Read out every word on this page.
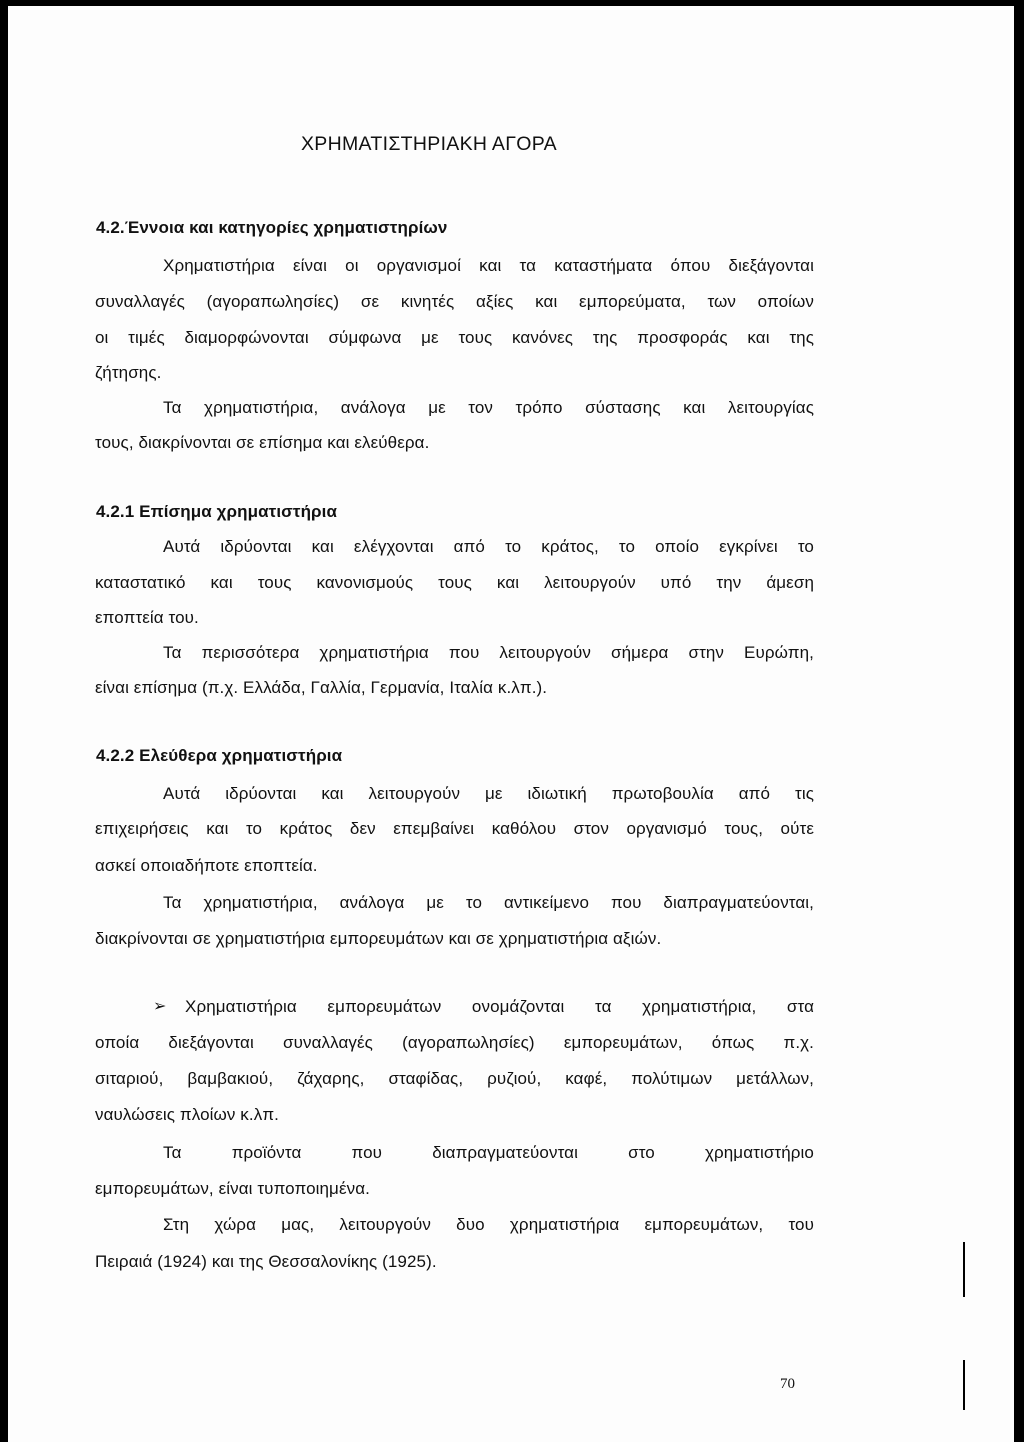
ΧΡΗΜΑΤΙΣΤΗΡΙΑΚΗ ΑΓΟΡΑ
4.2.Έννοια και κατηγορίες χρηματιστηρίων
Χρηματιστήρια είναι οι οργανισμοί και τα καταστήματα όπου διεξάγονται
συναλλαγές (αγοραπωλησίες) σε κινητές αξίες και εμπορεύματα, των οποίων
οι τιμές διαμορφώνονται σύμφωνα με τους κανόνες της προσφοράς και της
ζήτησης.
Τα χρηματιστήρια, ανάλογα με τον τρόπο σύστασης και λειτουργίας
τους, διακρίνονται σε επίσημα και ελεύθερα.
4.2.1 Επίσημα χρηματιστήρια
Αυτά ιδρύονται και ελέγχονται από το κράτος, το οποίο εγκρίνει το
καταστατικό και τους κανονισμούς τους και λειτουργούν υπό την άμεση
εποπτεία του.
Τα περισσότερα χρηματιστήρια που λειτουργούν σήμερα στην Ευρώπη,
είναι επίσημα (π.χ. Ελλάδα, Γαλλία, Γερμανία, Ιταλία κ.λπ.).
4.2.2 Ελεύθερα χρηματιστήρια
Αυτά ιδρύονται και λειτουργούν με ιδιωτική πρωτοβουλία από τις
επιχειρήσεις και το κράτος δεν επεμβαίνει καθόλου στον οργανισμό τους, ούτε
ασκεί οποιαδήποτε εποπτεία.
Τα χρηματιστήρια, ανάλογα με το αντικείμενο που διαπραγματεύονται,
διακρίνονται σε χρηματιστήρια εμπορευμάτων και σε χρηματιστήρια αξιών.
➢ Χρηματιστήρια εμπορευμάτων ονομάζονται τα χρηματιστήρια, στα
οποία διεξάγονται συναλλαγές (αγοραπωλησίες) εμπορευμάτων, όπως π.χ.
σιταριού, βαμβακιού, ζάχαρης, σταφίδας, ρυζιού, καφέ, πολύτιμων μετάλλων,
ναυλώσεις πλοίων κ.λπ.
Τα προϊόντα που διαπραγματεύονται στο χρηματιστήριο
εμπορευμάτων, είναι τυποποιημένα.
Στη χώρα μας, λειτουργούν δυο χρηματιστήρια εμπορευμάτων, του
Πειραιά (1924) και της Θεσσαλονίκης (1925).
70
